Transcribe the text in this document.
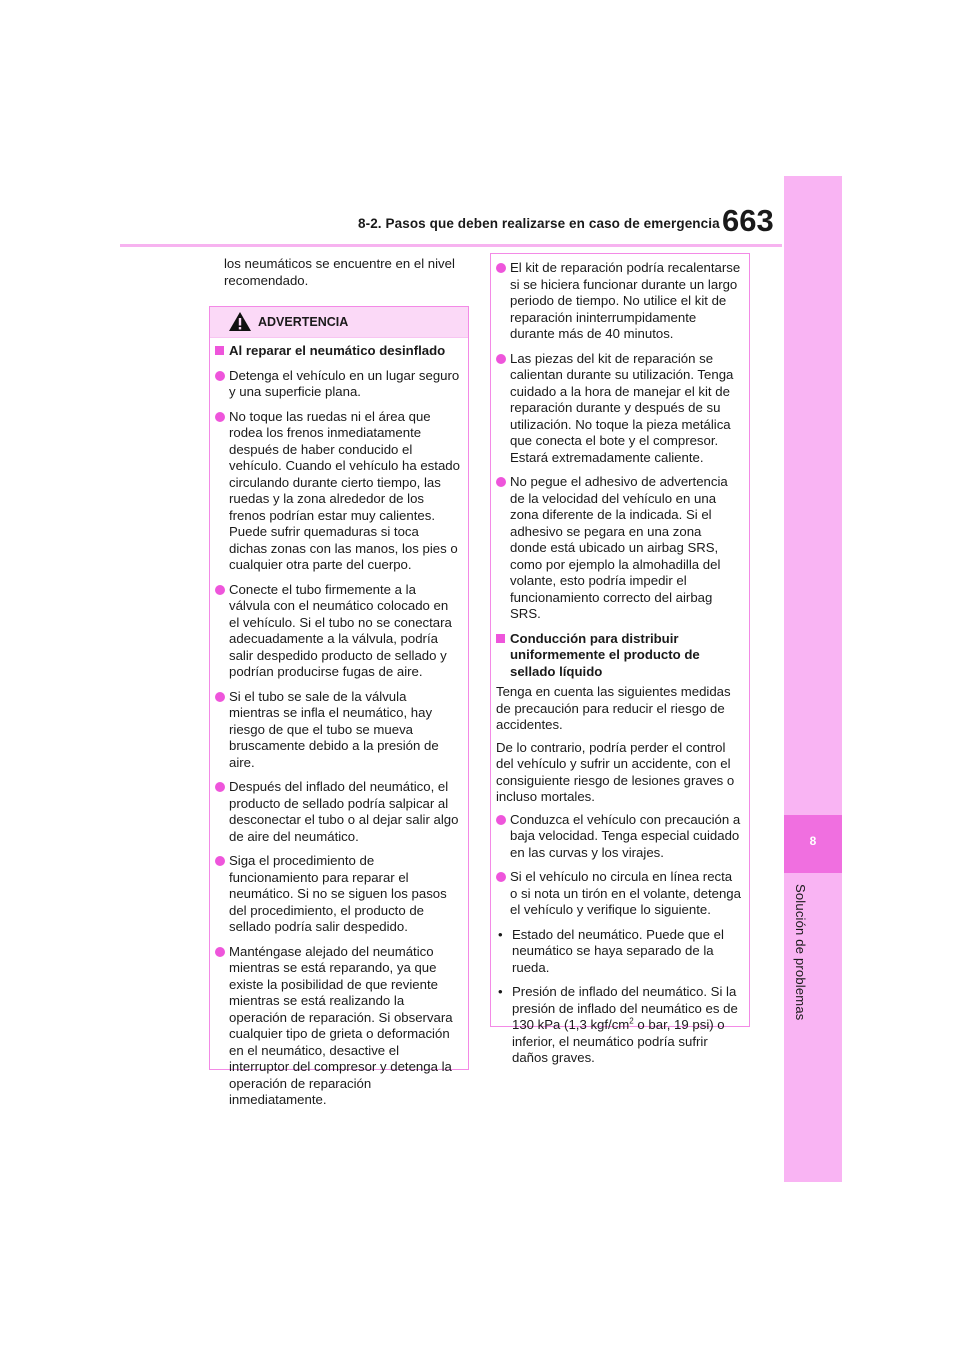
8-2. Pasos que deben realizarse en caso de emergencia 663
8
Solución de problemas
los neumáticos se encuentre en el nivel recomendado.
ADVERTENCIA
Al reparar el neumático desinflado
Detenga el vehículo en un lugar seguro y una superficie plana.
No toque las ruedas ni el área que rodea los frenos inmediatamente después de haber conducido el vehículo. Cuando el vehículo ha estado circulando durante cierto tiempo, las ruedas y la zona alrededor de los frenos podrían estar muy calientes. Puede sufrir quemaduras si toca dichas zonas con las manos, los pies o cualquier otra parte del cuerpo.
Conecte el tubo firmemente a la válvula con el neumático colocado en el vehículo. Si el tubo no se conectara adecuadamente a la válvula, podría salir despedido producto de sellado y podrían producirse fugas de aire.
Si el tubo se sale de la válvula mientras se infla el neumático, hay riesgo de que el tubo se mueva bruscamente debido a la presión de aire.
Después del inflado del neumático, el producto de sellado podría salpicar al desconectar el tubo o al dejar salir algo de aire del neumático.
Siga el procedimiento de funcionamiento para reparar el neumático. Si no se siguen los pasos del procedimiento, el producto de sellado podría salir despedido.
Manténgase alejado del neumático mientras se está reparando, ya que existe la posibilidad de que reviente mientras se está realizando la operación de reparación. Si observara cualquier tipo de grieta o deformación en el neumático, desactive el interruptor del compresor y detenga la operación de reparación inmediatamente.
El kit de reparación podría recalentarse si se hiciera funcionar durante un largo periodo de tiempo. No utilice el kit de reparación ininterrumpidamente durante más de 40 minutos.
Las piezas del kit de reparación se calientan durante su utilización. Tenga cuidado a la hora de manejar el kit de reparación durante y después de su utilización. No toque la pieza metálica que conecta el bote y el compresor. Estará extremadamente caliente.
No pegue el adhesivo de advertencia de la velocidad del vehículo en una zona diferente de la indicada. Si el adhesivo se pegara en una zona donde está ubicado un airbag SRS, como por ejemplo la almohadilla del volante, esto podría impedir el funcionamiento correcto del airbag SRS.
Conducción para distribuir uniformemente el producto de sellado líquido

Tenga en cuenta las siguientes medidas de precaución para reducir el riesgo de accidentes.

De lo contrario, podría perder el control del vehículo y sufrir un accidente, con el consiguiente riesgo de lesiones graves o incluso mortales.

Conduzca el vehículo con precaución a baja velocidad. Tenga especial cuidado en las curvas y los virajes.
Si el vehículo no circula en línea recta o si nota un tirón en el volante, detenga el vehículo y verifique lo siguiente.
• Estado del neumático. Puede que el neumático se haya separado de la rueda.
• Presión de inflado del neumático. Si la presión de inflado del neumático es de 130 kPa (1,3 kgf/$cm^2$ o bar, 19 psi) o inferior, el neumático podría sufrir daños graves.
